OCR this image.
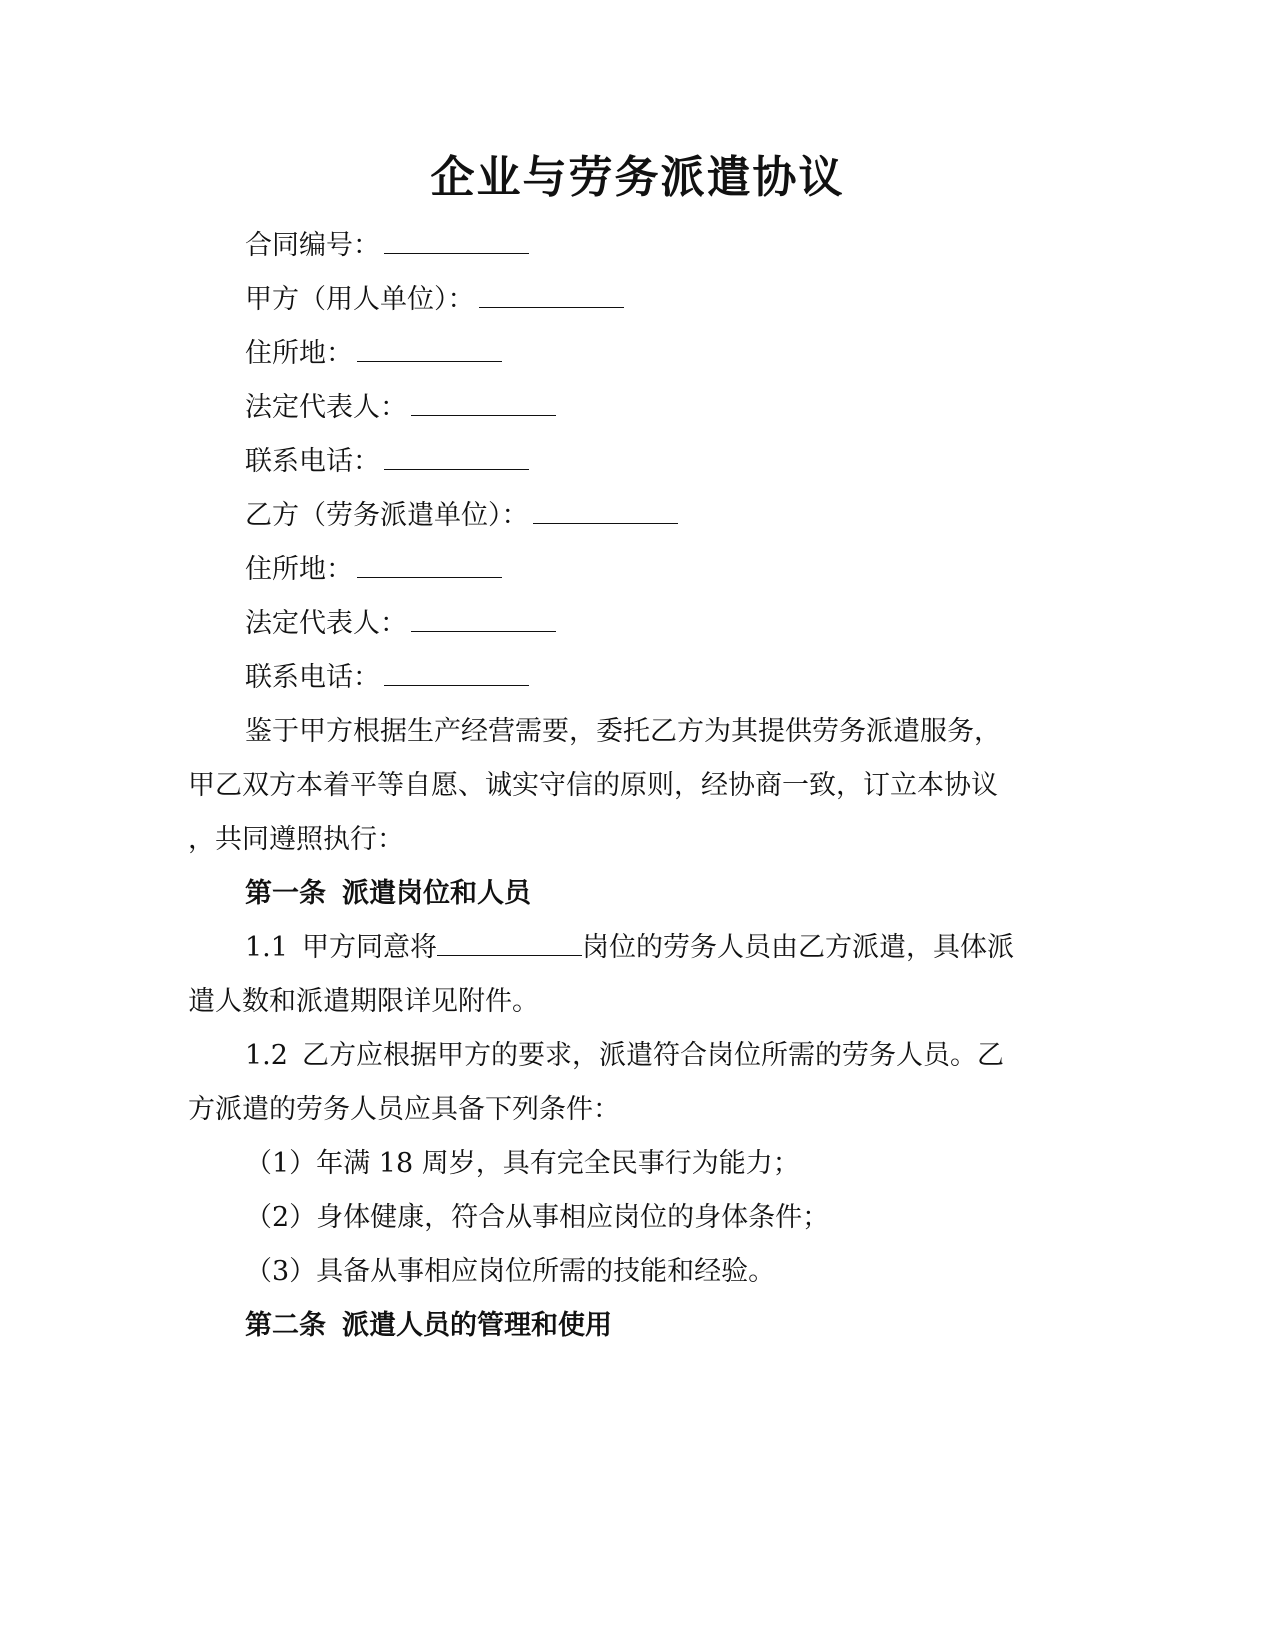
企业与劳务派遣协议
合同编号：
甲方（用人单位）：
住所地：
法定代表人：
联系电话：
乙方（劳务派遣单位）：
住所地：
法定代表人：
联系电话：
鉴于甲方根据生产经营需要，委托乙方为其提供劳务派遣服务，
甲乙双方本着平等自愿、诚实守信的原则，经协商一致，订立本协议
，共同遵照执行：
第一条 派遣岗位和人员
1.1 甲方同意将	岗位的劳务人员由乙方派遣，具体派
遣人数和派遣期限详见附件。
1.2 乙方应根据甲方的要求，派遣符合岗位所需的劳务人员。乙
方派遣的劳务人员应具备下列条件：
（1）年满 18 周岁，具有完全民事行为能力；
（2）身体健康，符合从事相应岗位的身体条件；
（3）具备从事相应岗位所需的技能和经验。
第二条 派遣人员的管理和使用
